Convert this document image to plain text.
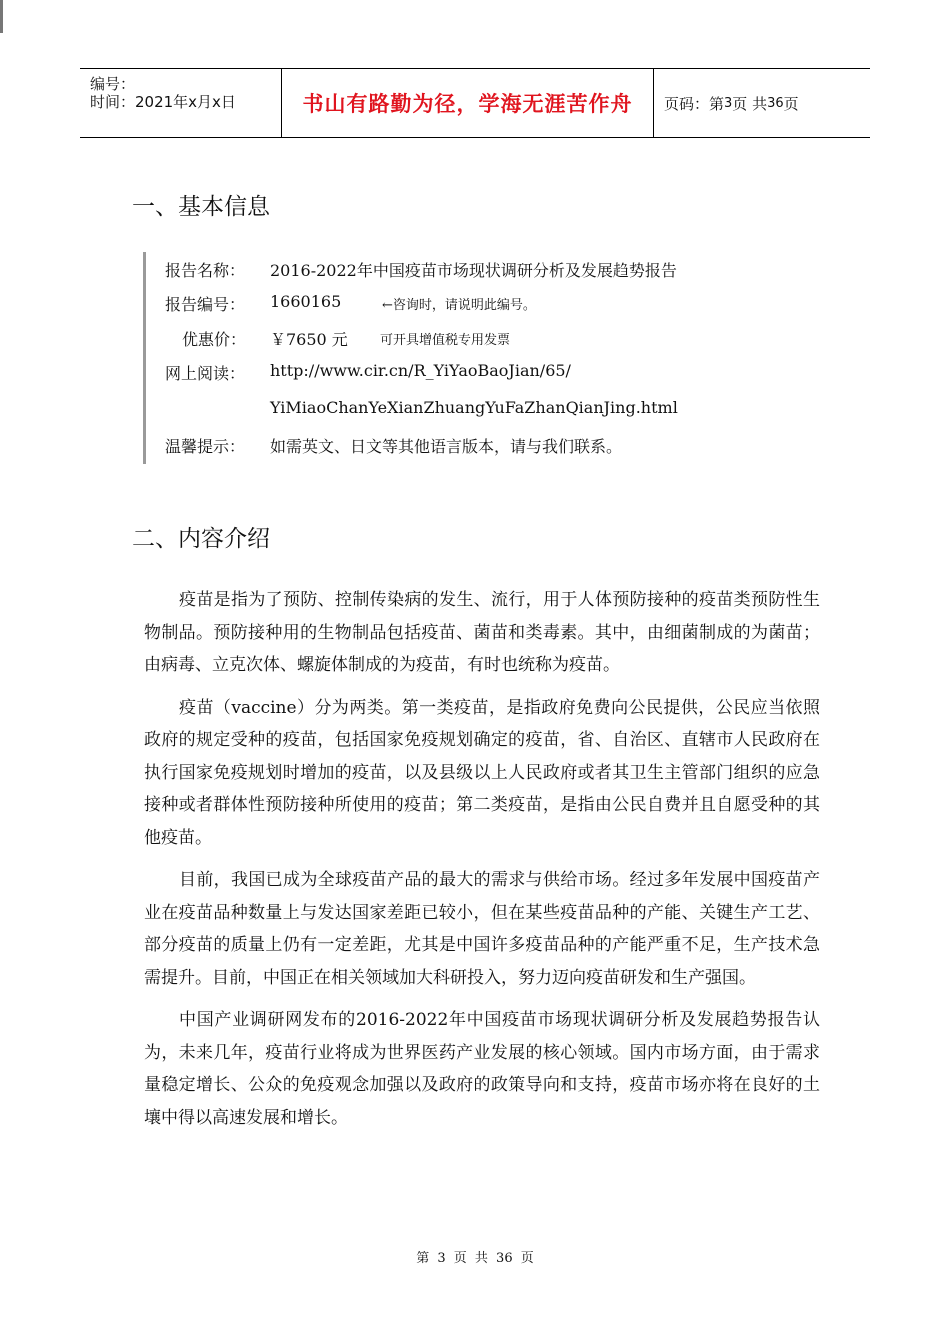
编号：
时间：2021年x月x日	书山有路勤为径，学海无涯苦作舟 页码：第 3 页 共 36 页
一、基本信息
报告名称：	2016-2022年中国疫苗市场现状调研分析及发展趋势报告
报告编号：	1660165	←咨询时，请说明此编号。
优惠价：	￥7650 元 可开具增值税专用发票
网上阅读：	http://www.cir.cn/R_YiYaoBaoJian/65/
YiMiaoChanYeXianZhuangYuFaZhanQianJing.html
温馨提示：	如需英文、日文等其他语言版本，请与我们联系。
二、内容介绍

疫苗是指为了预防、控制传染病的发生、流行，用于人体预防接种的疫苗类预防性生物制品。预防接种用的生物制品包括疫苗、菌苗和类毒素。其中，由细菌制成的为菌苗；由病毒、立克次体、螺旋体制成的为疫苗，有时也统称为疫苗。

疫苗（vaccine）分为两类。第一类疫苗，是指政府免费向公民提供，公民应当依照政府的规定受种的疫苗，包括国家免疫规划确定的疫苗，省、自治区、直辖市人民政府在执行国家免疫规划时增加的疫苗，以及县级以上人民政府或者其卫生主管部门组织的应急接种或者群体性预防接种所使用的疫苗；第二类疫苗，是指由公民自费并且自愿受种的其他疫苗。

目前，我国已成为全球疫苗产品的最大的需求与供给市场。经过多年发展中国疫苗产业在疫苗品种数量上与发达国家差距已较小，但在某些疫苗品种的产能、关键生产工艺、部分疫苗的质量上仍有一定差距，尤其是中国许多疫苗品种的产能严重不足，生产技术急需提升。目前，中国正在相关领域加大科研投入，努力迈向疫苗研发和生产强国。

中国产业调研网发布的2016-2022年中国疫苗市场现状调研分析及发展趋势报告认为，未来几年，疫苗行业将成为世界医药产业发展的核心领域。国内市场方面，由于需求量稳定增长、公众的免疫观念加强以及政府的政策导向和支持，疫苗市场亦将在良好的土壤中得以高速发展和增长。

第 3 页 共 36 页
